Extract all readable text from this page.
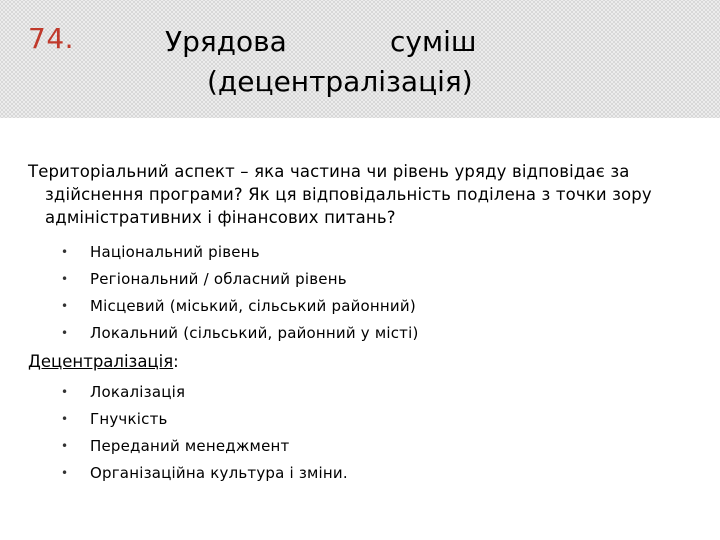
74.	Урядова	суміш
(децентралізація)

Територіальний аспект – яка частина чи рівень уряду відповідає за здійснення програми? Як ця відповідальність поділена з точки зору адміністративних і фінансових питань?

• Національний рівень
• Регіональний / обласний рівень
• Місцевий (міський, сільський районний)
• Локальний (сільський, районний у місті)

Децентралізація:

• Локалізація
• Гнучкість
• Переданий менеджмент
• Організаційна культура і зміни.
